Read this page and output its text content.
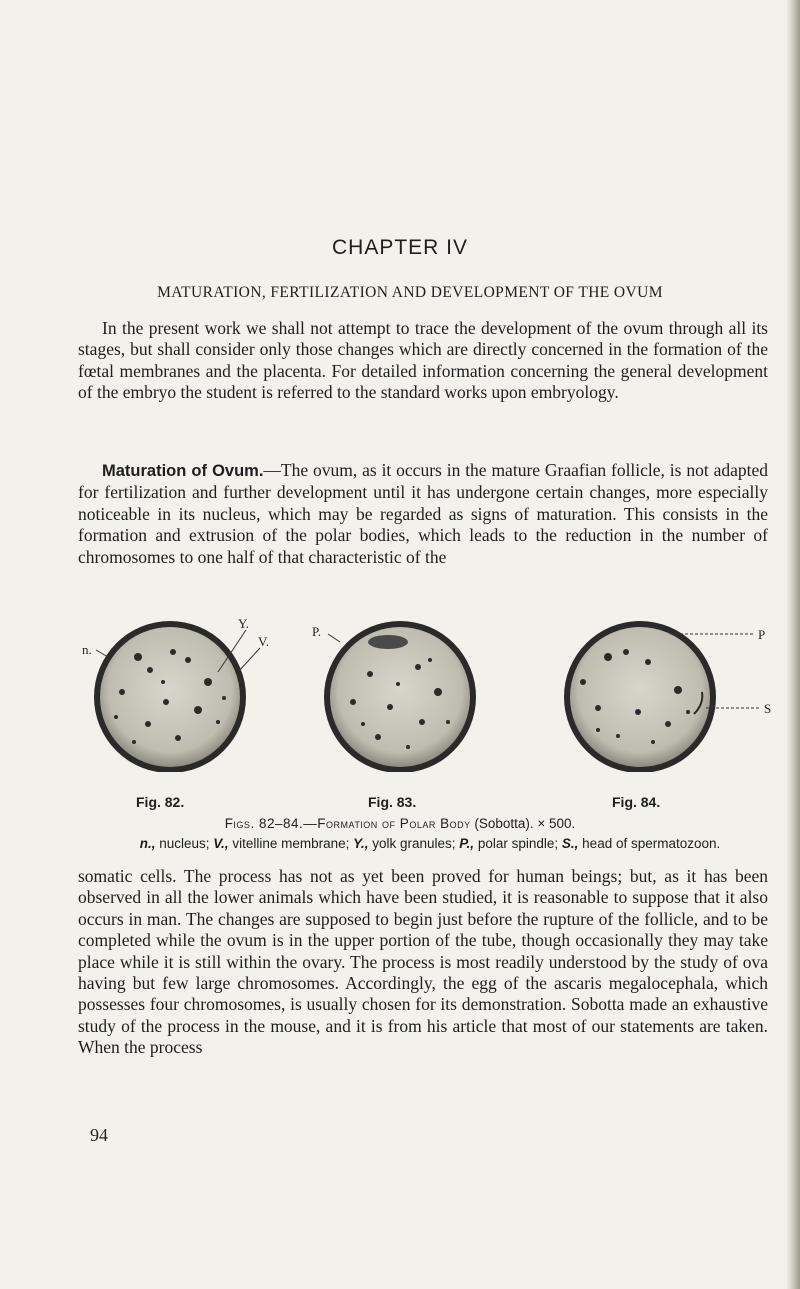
CHAPTER IV
MATURATION, FERTILIZATION AND DEVELOPMENT OF THE OVUM
In the present work we shall not attempt to trace the development of the ovum through all its stages, but shall consider only those changes which are directly concerned in the formation of the fœtal membranes and the placenta. For detailed information concerning the general development of the embryo the student is referred to the standard works upon embryology.
Maturation of Ovum.—The ovum, as it occurs in the mature Graafian follicle, is not adapted for fertilization and further development until it has undergone certain changes, more especially noticeable in its nucleus, which may be regarded as signs of maturation. This consists in the formation and extrusion of the polar bodies, which leads to the reduction in the number of chromosomes to one half of that characteristic of the
n.
Y.
V.
P.	P
S
Fig. 82.	Fig. 83.	Fig. 84.
Figs. 82–84.—Formation of Polar Body (Sobotta). × 500.
n., nucleus; V., vitelline membrane; Y., yolk granules; P., polar spindle; S., head of spermatozoon.
somatic cells. The process has not as yet been proved for human beings; but, as it has been observed in all the lower animals which have been studied, it is reasonable to suppose that it also occurs in man. The changes are supposed to begin just before the rupture of the follicle, and to be completed while the ovum is in the upper portion of the tube, though occasionally they may take place while it is still within the ovary. The process is most readily understood by the study of ova having but few large chromosomes. Accordingly, the egg of the ascaris megalocephala, which possesses four chromosomes, is usually chosen for its demonstration. Sobotta made an exhaustive study of the process in the mouse, and it is from his article that most of our statements are taken. When the process
94
